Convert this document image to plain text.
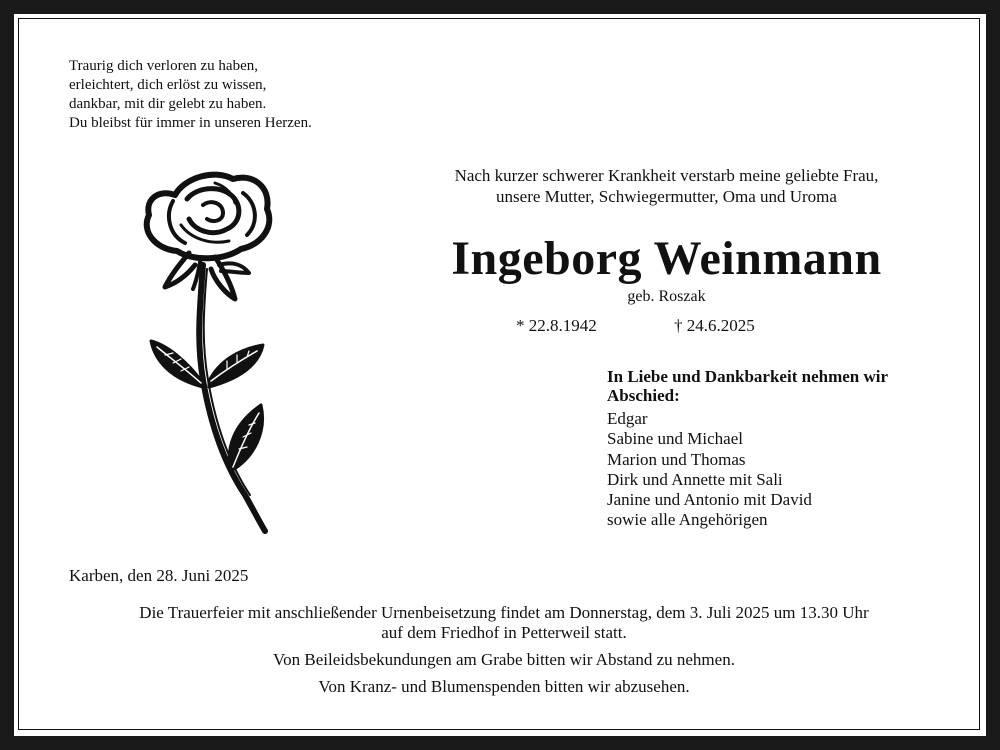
Traurig dich verloren zu haben,
erleichtert, dich erlöst zu wissen,
dankbar, mit dir gelebt zu haben.
Du bleibst für immer in unseren Herzen.
Nach kurzer schwerer Krankheit verstarb meine geliebte Frau,
unsere Mutter, Schwiegermutter, Oma und Uroma
Ingeborg Weinmann
geb. Roszak
* 22.8.1942	† 24.6.2025
In Liebe und Dankbarkeit nehmen wir Abschied:
Edgar
Sabine und Michael
Marion und Thomas
Dirk und Annette mit Sali
Janine und Antonio mit David
sowie alle Angehörigen
Karben, den 28. Juni 2025
Die Trauerfeier mit anschließender Urnenbeisetzung findet am Donnerstag, dem 3. Juli 2025 um 13.30 Uhr
auf dem Friedhof in Petterweil statt.
Von Beileidsbekundungen am Grabe bitten wir Abstand zu nehmen.
Von Kranz- und Blumenspenden bitten wir abzusehen.
